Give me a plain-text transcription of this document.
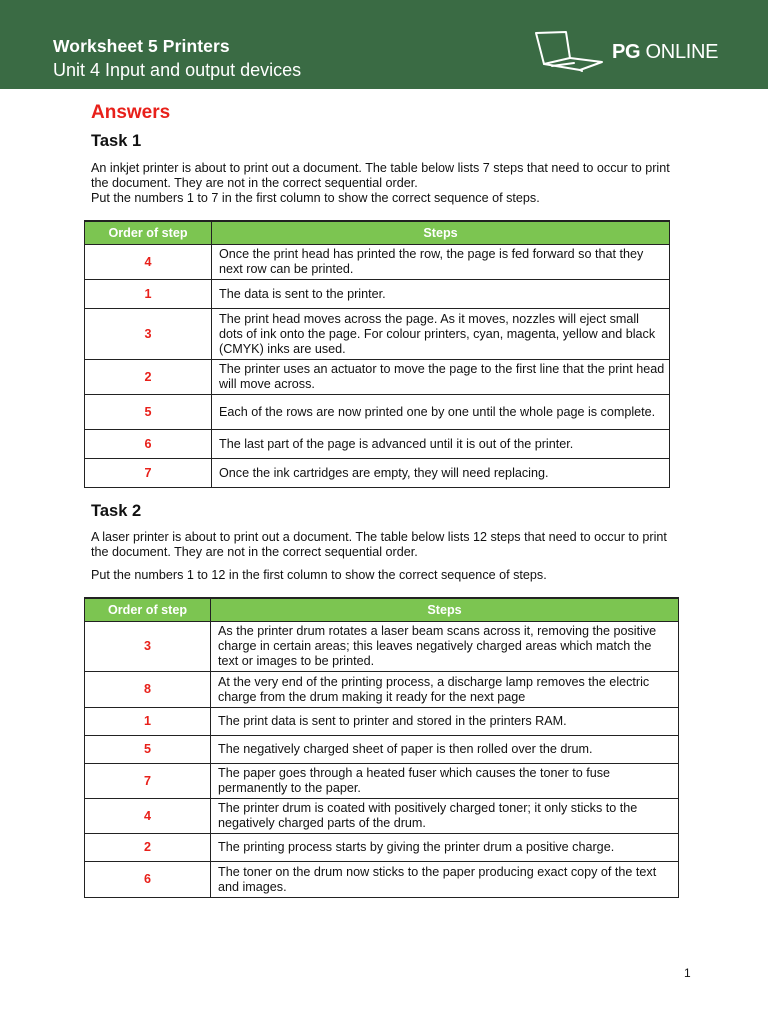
Worksheet 5 Printers
Unit 4 Input and output devices
PG ONLINE
Answers
Task 1

An inkjet printer is about to print out a document. The table below lists 7 steps that need to occur to print the document. They are not in the correct sequential order.

Put the numbers 1 to 7 in the first column to show the correct sequence of steps.

Order of step	Steps
4	Once the print head has printed the row, the page is fed forward so that they next row can be printed.
1	The data is sent to the printer.
3	The print head moves across the page. As it moves, nozzles will eject small dots of ink onto the page. For colour printers, cyan, magenta, yellow and black (CMYK) inks are used.
2	The printer uses an actuator to move the page to the first line that the print head will move across.
5	Each of the rows are now printed one by one until the whole page is complete.
6	The last part of the page is advanced until it is out of the printer.
7	Once the ink cartridges are empty, they will need replacing.
Task 2

A laser printer is about to print out a document. The table below lists 12 steps that need to occur to print the document. They are not in the correct sequential order.

Put the numbers 1 to 12 in the first column to show the correct sequence of steps.

Order of step	Steps
3	As the printer drum rotates a laser beam scans across it, removing the positive charge in certain areas; this leaves negatively charged areas which match the text or images to be printed.
8	At the very end of the printing process, a discharge lamp removes the electric charge from the drum making it ready for the next page
1	The print data is sent to printer and stored in the printers RAM.
5	The negatively charged sheet of paper is then rolled over the drum.
7	The paper goes through a heated fuser which causes the toner to fuse permanently to the paper.
4	The printer drum is coated with positively charged toner; it only sticks to the negatively charged parts of the drum.
2	The printing process starts by giving the printer drum a positive charge.
6	The toner on the drum now sticks to the paper producing exact copy of the text and images.
1
